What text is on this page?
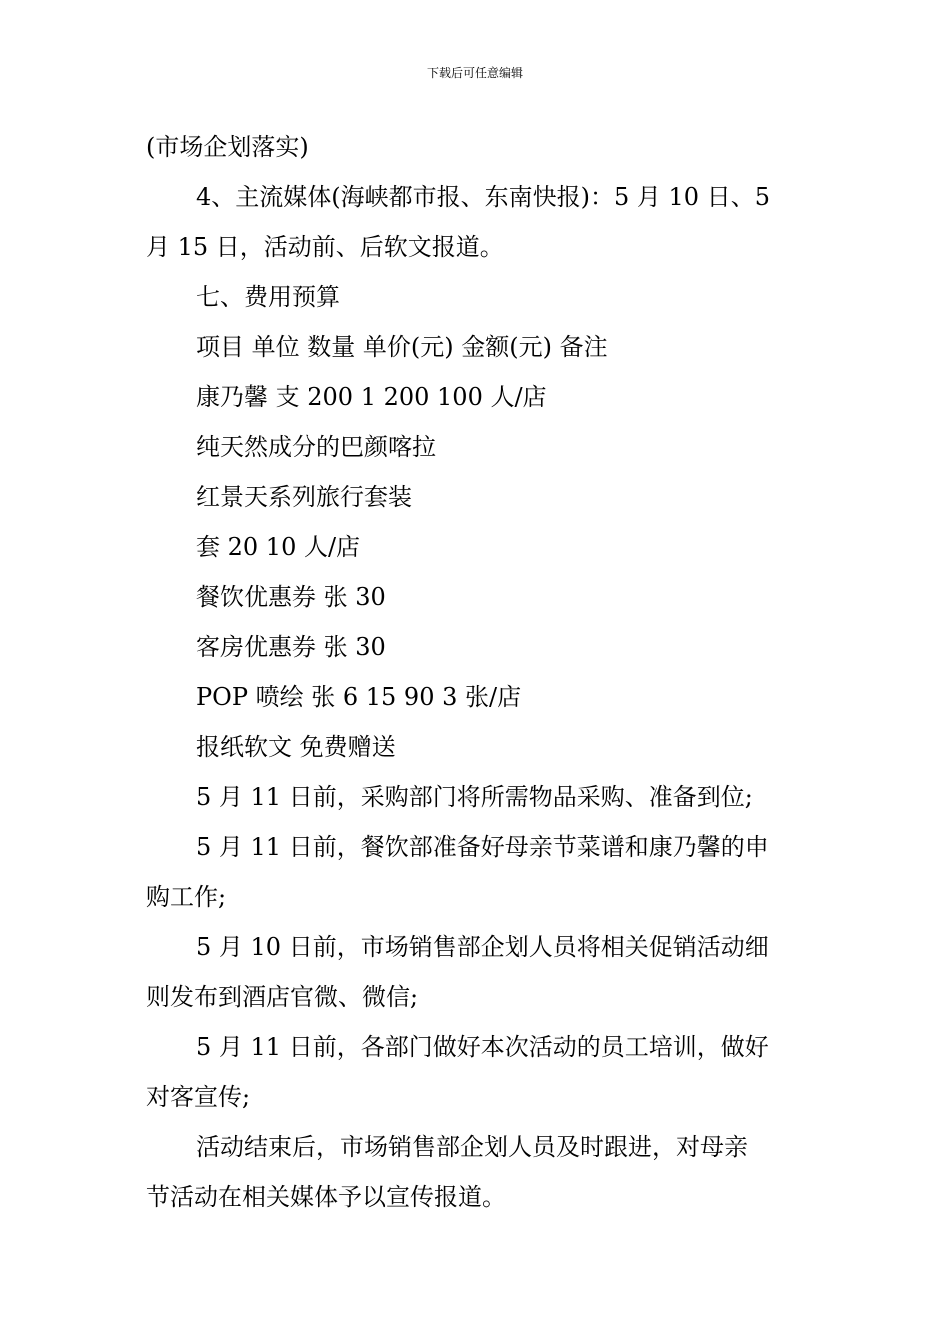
下载后可任意编辑
(市场企划落实)
4、主流媒体(海峡都市报、东南快报)：5 月 10 日、5
月 15 日，活动前、后软文报道。
七、费用预算
项目 单位 数量 单价(元) 金额(元) 备注
康乃馨 支 200 1 200 100 人/店
纯天然成分的巴颜喀拉
红景天系列旅行套装
套 20 10 人/店
餐饮优惠券 张 30
客房优惠券 张 30
POP 喷绘 张 6 15 90 3 张/店
报纸软文 免费赠送
5 月 11 日前，采购部门将所需物品采购、准备到位;
5 月 11 日前，餐饮部准备好母亲节菜谱和康乃馨的申
购工作;
5 月 10 日前，市场销售部企划人员将相关促销活动细
则发布到酒店官微、微信;
5 月 11 日前，各部门做好本次活动的员工培训，做好
对客宣传;
活动结束后，市场销售部企划人员及时跟进，对母亲
节活动在相关媒体予以宣传报道。
